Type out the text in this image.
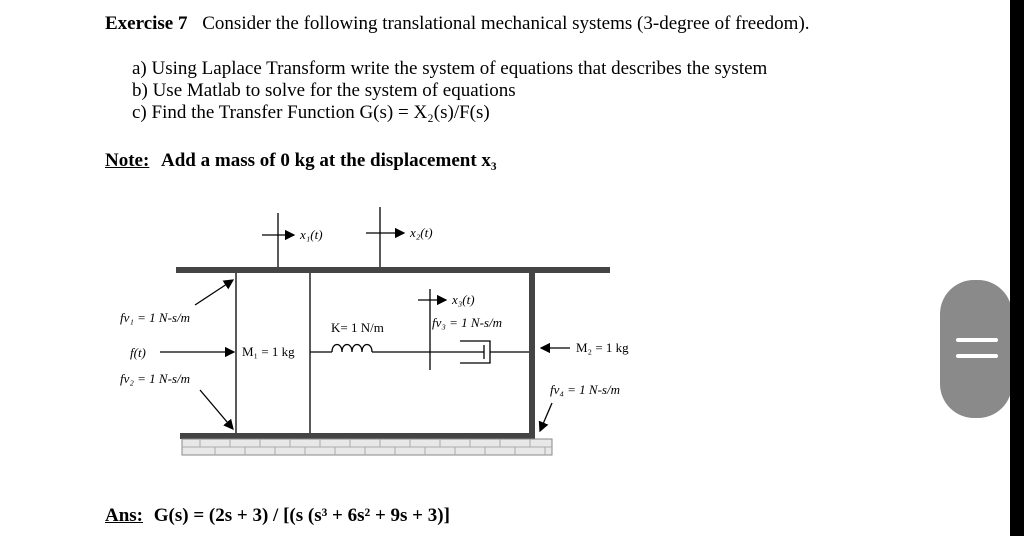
Exercise 7 Consider the following translational mechanical systems (3-degree of freedom).
a) Using Laplace Transform write the system of equations that describes the system
b) Use Matlab to solve for the system of equations
c) Find the Transfer Function G(s) = X₂(s)/F(s)
Note: Add a mass of 0 kg at the displacement x₃
x₁(t)	x₂(t)
fv₁ = 1 N-s/m
fv₂ = 1 N-s/m
f(t)	M₁ = 1 kg
K= 1 N/m
x₃(t)
fv₃ = 1 N-s/m
M₂ = 1 kg
fv₄ = 1 N-s/m
Ans: G(s) = (2s + 3) / [(s (s³ + 6s² + 9s + 3)]
